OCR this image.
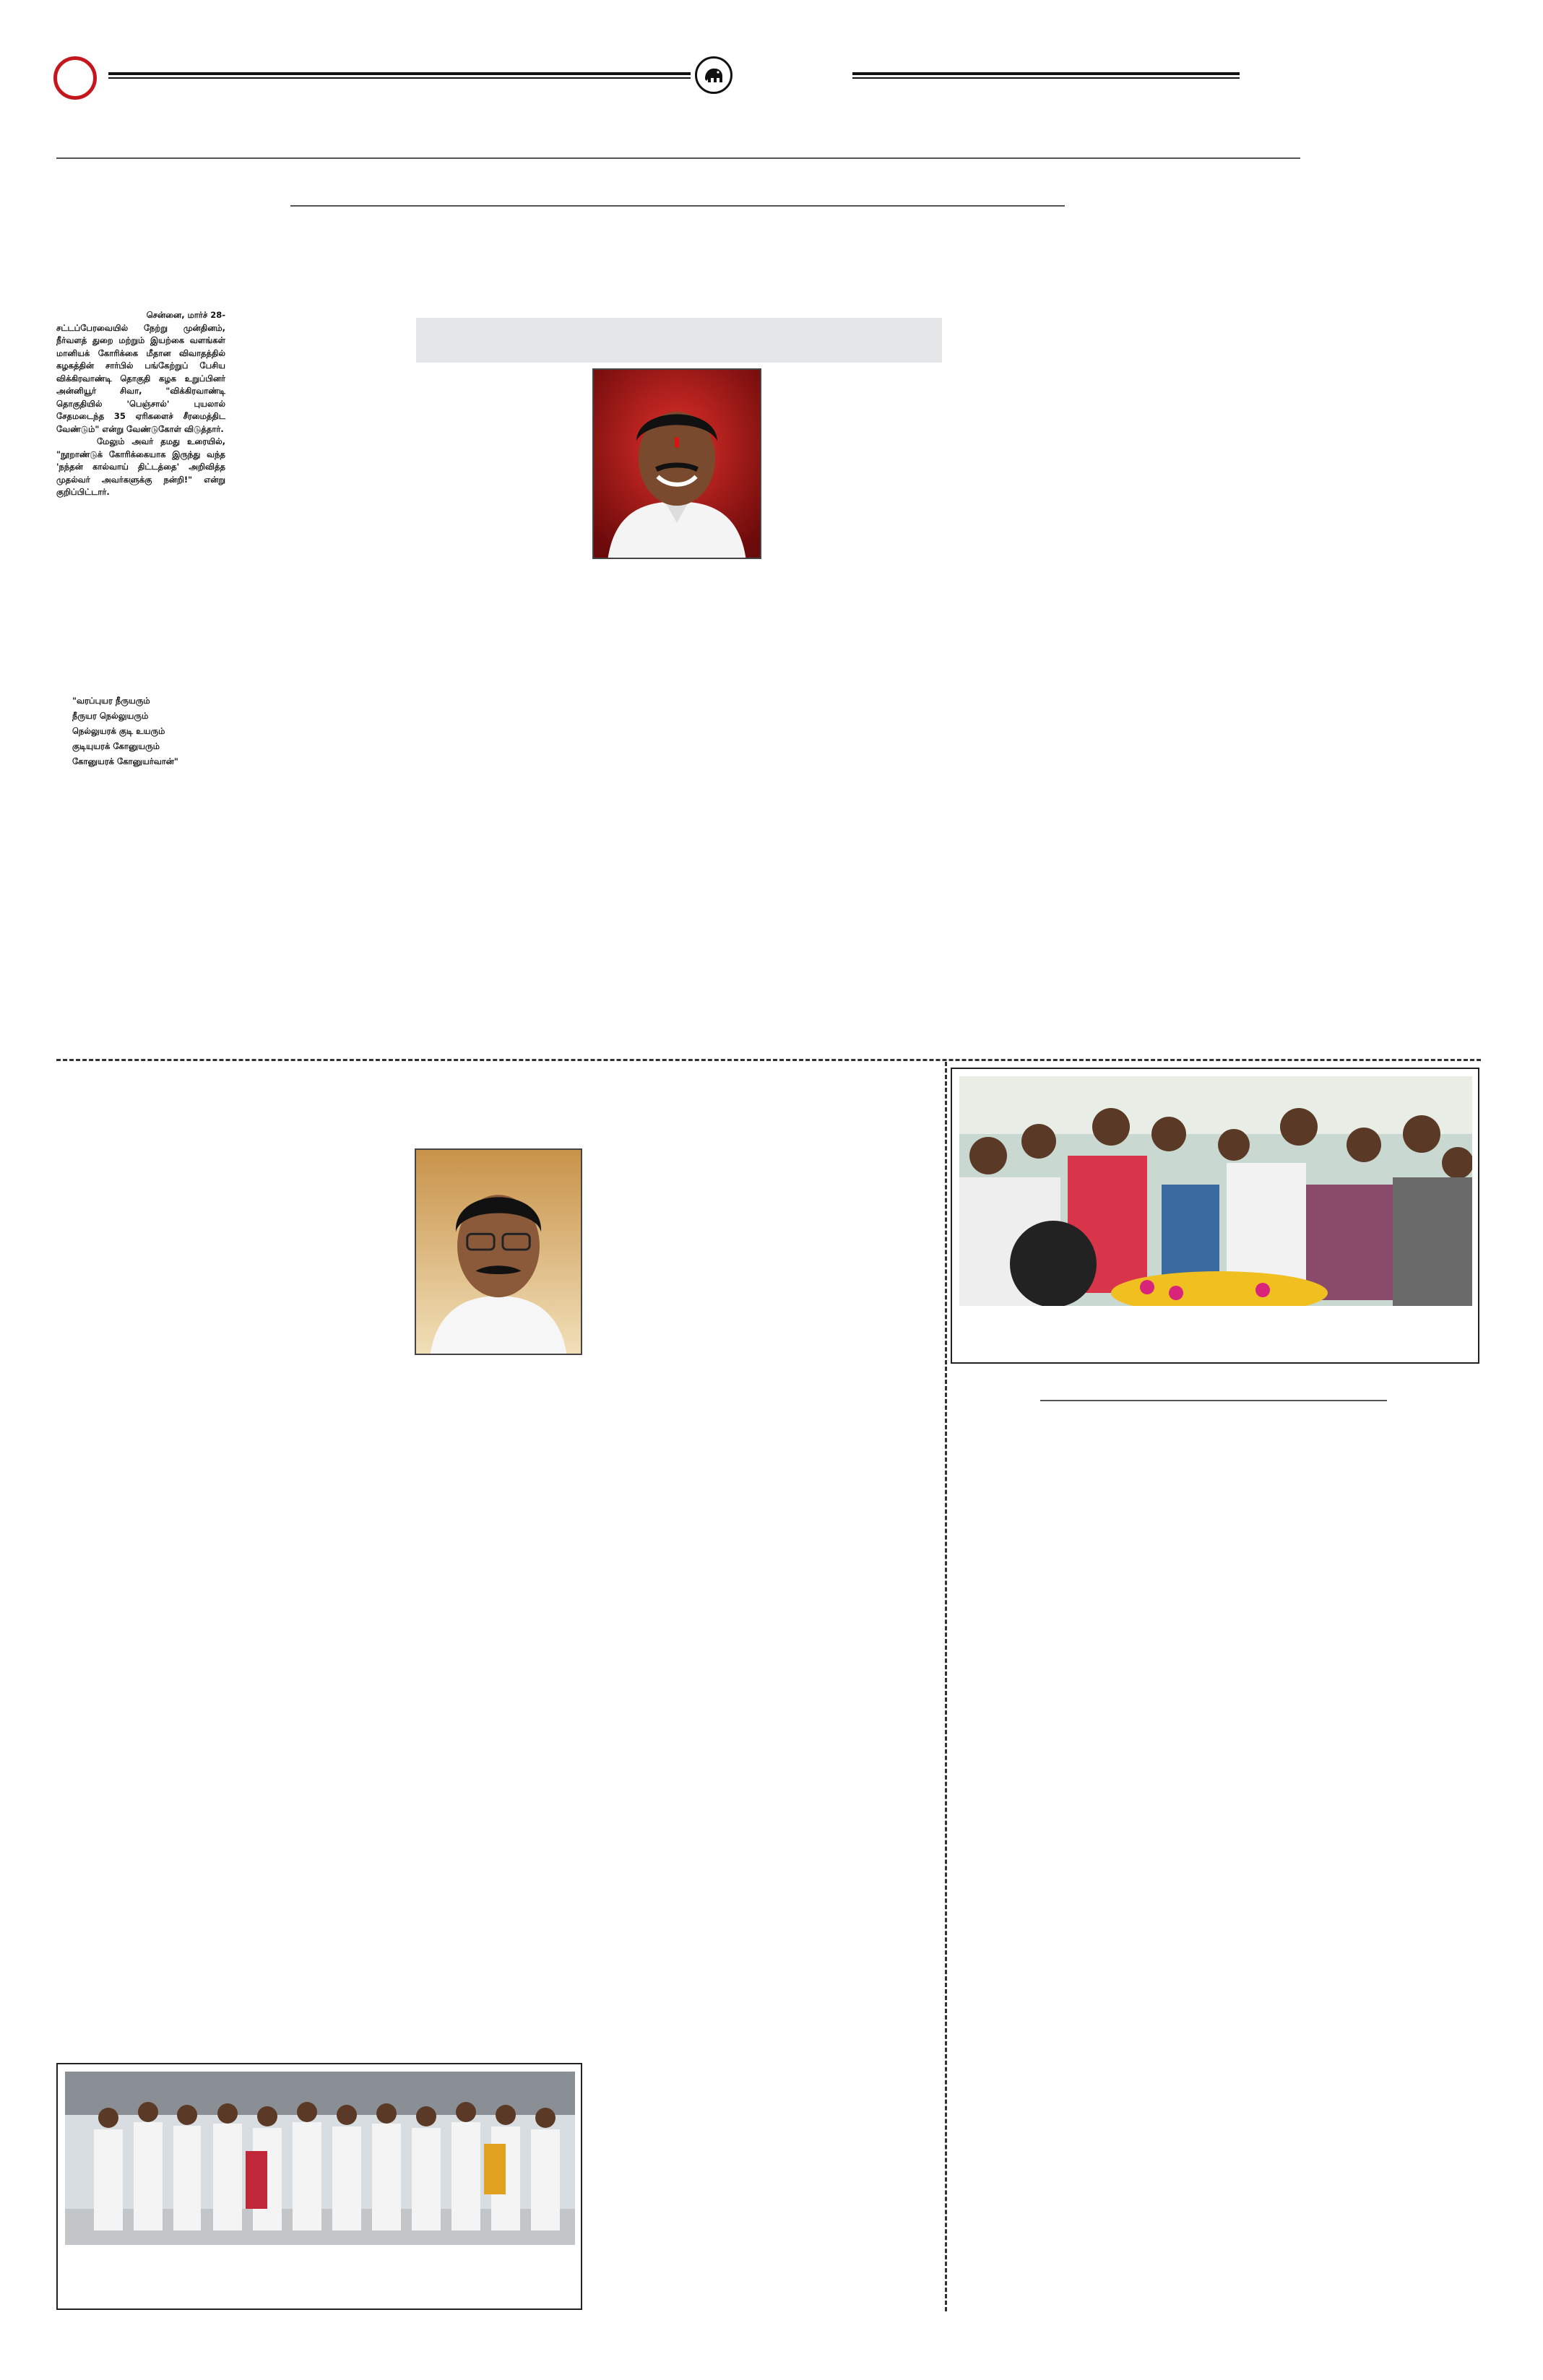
சென்னை, மார்ச் 28-

சட்டப்பேரவையில் நேற்று முன்தினம், நீர்வளத் துறை மற்றும் இயற்கை வளங்கள் மானியக் கோரிக்கை மீதான விவாதத்தில் கழகத்தின் சார்பில் பங்கேற்றுப் பேசிய விக்கிரவாண்டி தொகுதி கழக உறுப்பினர் அன்னியூர் சிவா, "விக்கிரவாண்டி தொகுதியில் 'பெஞ்சால்' புயலால் சேதமடைந்த 35 ஏரிகளைச் சீரமைத்திட வேண்டும்" என்று வேண்டுகோள் விடுத்தார்.

மேலும் அவர் தமது உரையில், "நூறாண்டுக் கோரிக்கையாக இருந்து வந்த 'நந்தன் கால்வாய் திட்டத்தை' அறிவித்த முதல்வர் அவர்களுக்கு நன்றி!" என்று குறிப்பிட்டார்.

"வரப்புயர நீருயரும்
நீருயர நெல்லுயரும்
நெல்லுயரக் குடி உயரும்
குடியுயரக் கோனுயரும்
கோனுயரக் கோனுயர்வான்"
